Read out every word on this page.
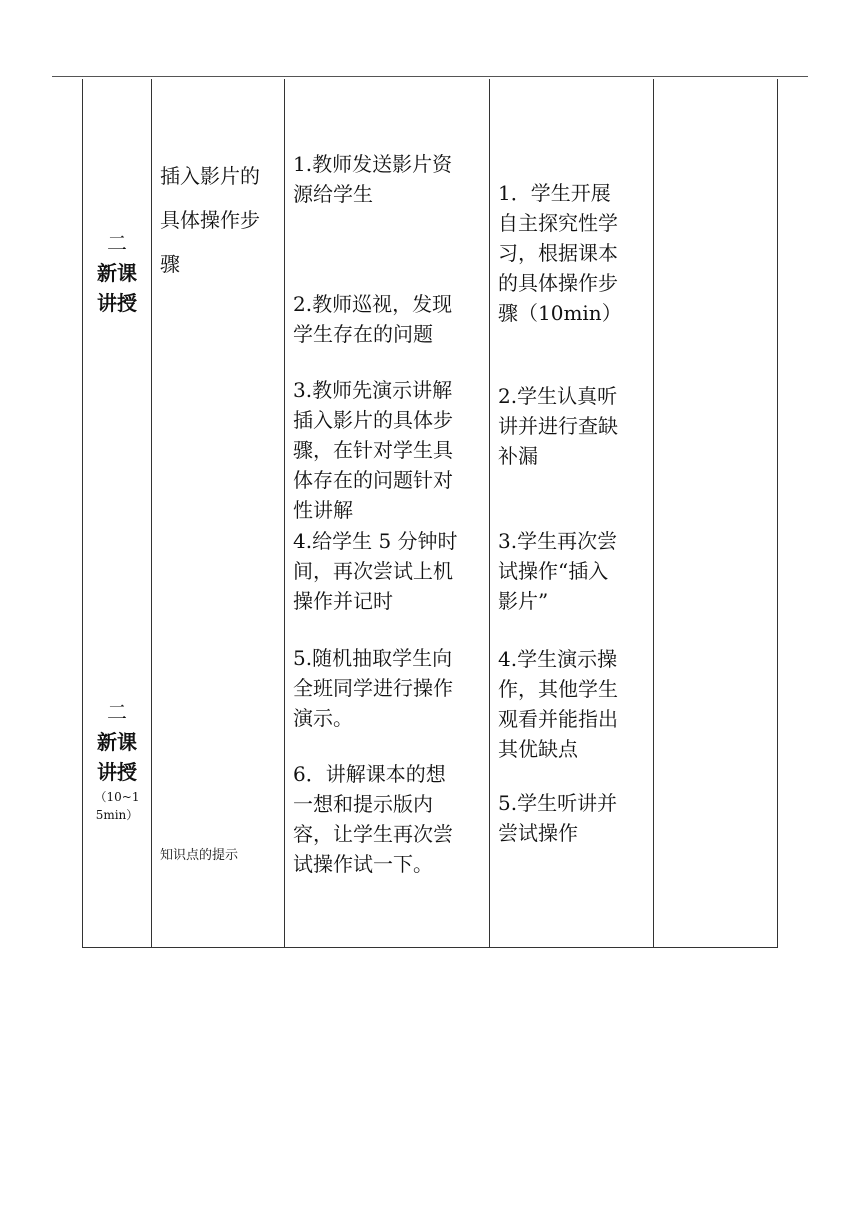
二
新课
讲授
二
新课
讲授
（10~1
5min）
插入影片的
具体操作步
骤
知识点的提示
1.教师发送影片资
源给学生
2.教师巡视，发现
学生存在的问题
3.教师先演示讲解
插入影片的具体步
骤，在针对学生具
体存在的问题针对
性讲解
4.给学生 5 分钟时
间，再次尝试上机
操作并记时
5.随机抽取学生向
全班同学进行操作
演示。
6．讲解课本的想
一想和提示版内
容，让学生再次尝
试操作试一下。
1．学生开展
自主探究性学
习，根据课本
的具体操作步
骤（10min）
2.学生认真听
讲并进行查缺
补漏
3.学生再次尝
试操作“插入
影片”
4.学生演示操
作，其他学生
观看并能指出
其优缺点
5.学生听讲并
尝试操作
